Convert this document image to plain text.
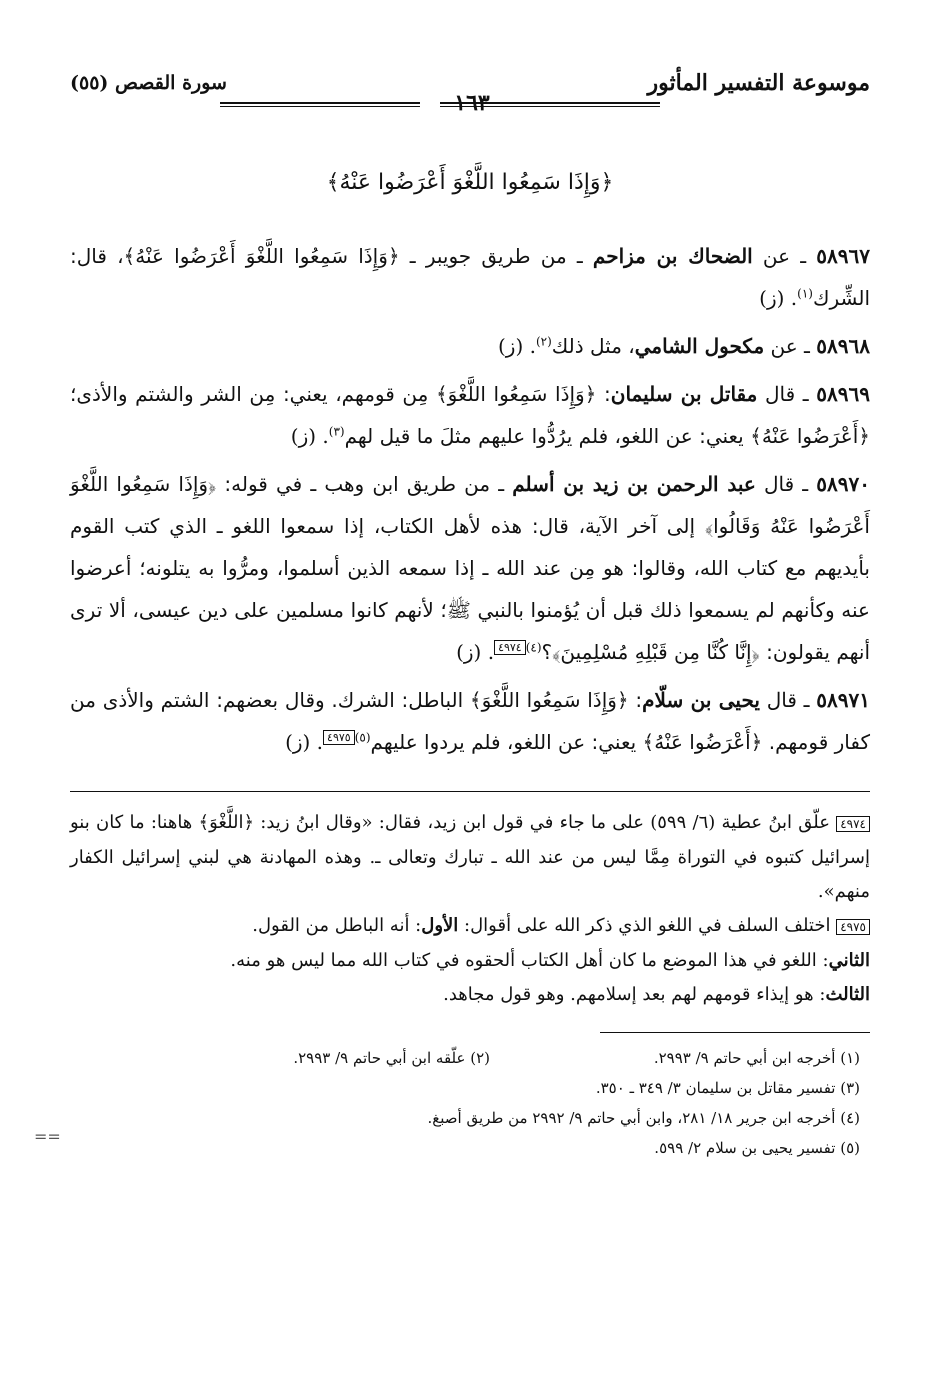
موسوعة التفسير المأثور
١٦٣
سورة القصص (٥٥)
﴿وَإِذَا سَمِعُوا اللَّغْوَ أَعْرَضُوا عَنْهُ﴾

٥٨٩٦٧ ـ عن الضحاك بن مزاحم ـ من طريق جويبر ـ ﴿وَإِذَا سَمِعُوا اللَّغْوَ أَعْرَضُوا عَنْهُ﴾، قال: الشِّرك$^{(١)}$. (ز)

٥٨٩٦٨ ـ عن مكحول الشامي، مثل ذلك$^{(٢)}$. (ز)

٥٨٩٦٩ ـ قال مقاتل بن سليمان: ﴿وَإِذَا سَمِعُوا اللَّغْوَ﴾ مِن قومهم، يعني: مِن الشر والشتم والأذى؛ ﴿أَعْرَضُوا عَنْهُ﴾ يعني: عن اللغو، فلم يرُدُّوا عليهم مثلَ ما قيل لهم$^{(٣)}$. (ز)

٥٨٩٧٠ ـ قال عبد الرحمن بن زيد بن أسلم ـ من طريق ابن وهب ـ في قوله: ﴿وَإِذَا سَمِعُوا اللَّغْوَ أَعْرَضُوا عَنْهُ وَقَالُوا﴾ إلى آخر الآية، قال: هذه لأهل الكتاب، إذا سمعوا اللغو ـ الذي كتب القوم بأيديهم مع كتاب الله، وقالوا: هو مِن عند الله ـ إذا سمعه الذين أسلموا، ومرُّوا به يتلونه؛ أعرضوا عنه وكأنهم لم يسمعوا ذلك قبل أن يُؤمنوا بالنبي ﷺ؛ لأنهم كانوا مسلمين على دين عيسى، ألا ترى أنهم يقولون: ﴿إِنَّا كُنَّا مِن قَبْلِهِ مُسْلِمِينَ﴾؟$^{(٤)٤٩٧٤}$. (ز)

٥٨٩٧١ ـ قال يحيى بن سلّام: ﴿وَإِذَا سَمِعُوا اللَّغْوَ﴾ الباطل: الشرك. وقال بعضهم: الشتم والأذى من كفار قومهم. ﴿أَعْرَضُوا عَنْهُ﴾ يعني: عن اللغو، فلم يردوا عليهم$^{(٥)٤٩٧٥}$. (ز)

٤٩٧٤ علّق ابنُ عطية (٦/ ٥٩٩) على ما جاء في قول ابن زيد، فقال: «وقال ابنُ زيد: ﴿اللَّغْوَ﴾ هاهنا: ما كان بنو إسرائيل كتبوه في التوراة مِمَّا ليس من عند الله ـ تبارك وتعالى ـ. وهذه المهادنة هي لبني إسرائيل الكفار منهم».

٤٩٧٥ اختلف السلف في اللغو الذي ذكر الله على أقوال: الأول: أنه الباطل من القول.

الثاني: اللغو في هذا الموضع ما كان أهل الكتاب ألحقوه في كتاب الله مما ليس هو منه.

الثالث: هو إيذاء قومهم لهم بعد إسلامهم. وهو قول مجاهد.

(١) أخرجه ابن أبي حاتم ٩/ ٢٩٩٣.
(٢) علّقه ابن أبي حاتم ٩/ ٢٩٩٣.
(٣) تفسير مقاتل بن سليمان ٣/ ٣٤٩ ـ ٣٥٠.
(٤) أخرجه ابن جرير ١٨/ ٢٨١، وابن أبي حاتم ٩/ ٢٩٩٢ من طريق أصبغ.
(٥) تفسير يحيى بن سلام ٢/ ٥٩٩.
==
